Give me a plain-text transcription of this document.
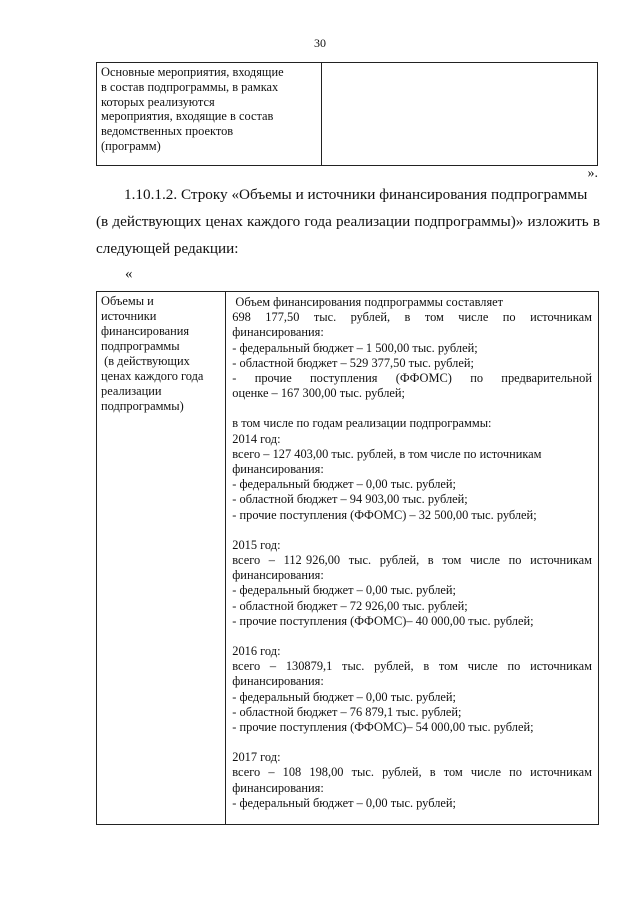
30
Основные мероприятия, входящие
в состав подпрограммы, в рамках
которых реализуются
мероприятия, входящие в состав
ведомственных проектов
(программ)

».
1.10.1.2. Строку «Объемы и источники финансирования подпрограммы
(в действующих ценах каждого года реализации подпрограммы)» изложить в
следующей редакции:
«
Объемы и
источники
финансирования
подпрограммы
(в действующих
ценах каждого года
реализации
подпрограммы)

Объем финансирования подпрограммы составляет
698  177,50  тыс.  рублей,  в  том  числе  по  источникам
финансирования:
- федеральный бюджет – 1 500,00 тыс. рублей;
- областной бюджет – 529 377,50 тыс. рублей;
-  прочие  поступления  (ФФОМС)  по  предварительной
оценке – 167 300,00 тыс. рублей;
в том числе по годам реализации подпрограммы:
2014 год:
всего – 127 403,00 тыс. рублей, в том числе по источникам
финансирования:
- федеральный бюджет – 0,00 тыс. рублей;
- областной бюджет – 94 903,00 тыс. рублей;
- прочие поступления (ФФОМС) – 32 500,00 тыс. рублей;
2015 год:
всего  –  112 926,00  тыс.  рублей,  в  том  числе  по  источникам
финансирования:
- федеральный бюджет – 0,00 тыс. рублей;
- областной бюджет – 72 926,00 тыс. рублей;
- прочие поступления (ФФОМС)– 40 000,00 тыс. рублей;
2016 год:
всего  –  130879,1  тыс.  рублей,  в  том  числе  по  источникам
финансирования:
- федеральный бюджет – 0,00 тыс. рублей;
- областной бюджет – 76 879,1 тыс. рублей;
- прочие поступления (ФФОМС)– 54 000,00 тыс. рублей;
2017 год:
всего  –  108  198,00  тыс.  рублей,  в  том  числе  по  источникам
финансирования:
- федеральный бюджет – 0,00 тыс. рублей;
